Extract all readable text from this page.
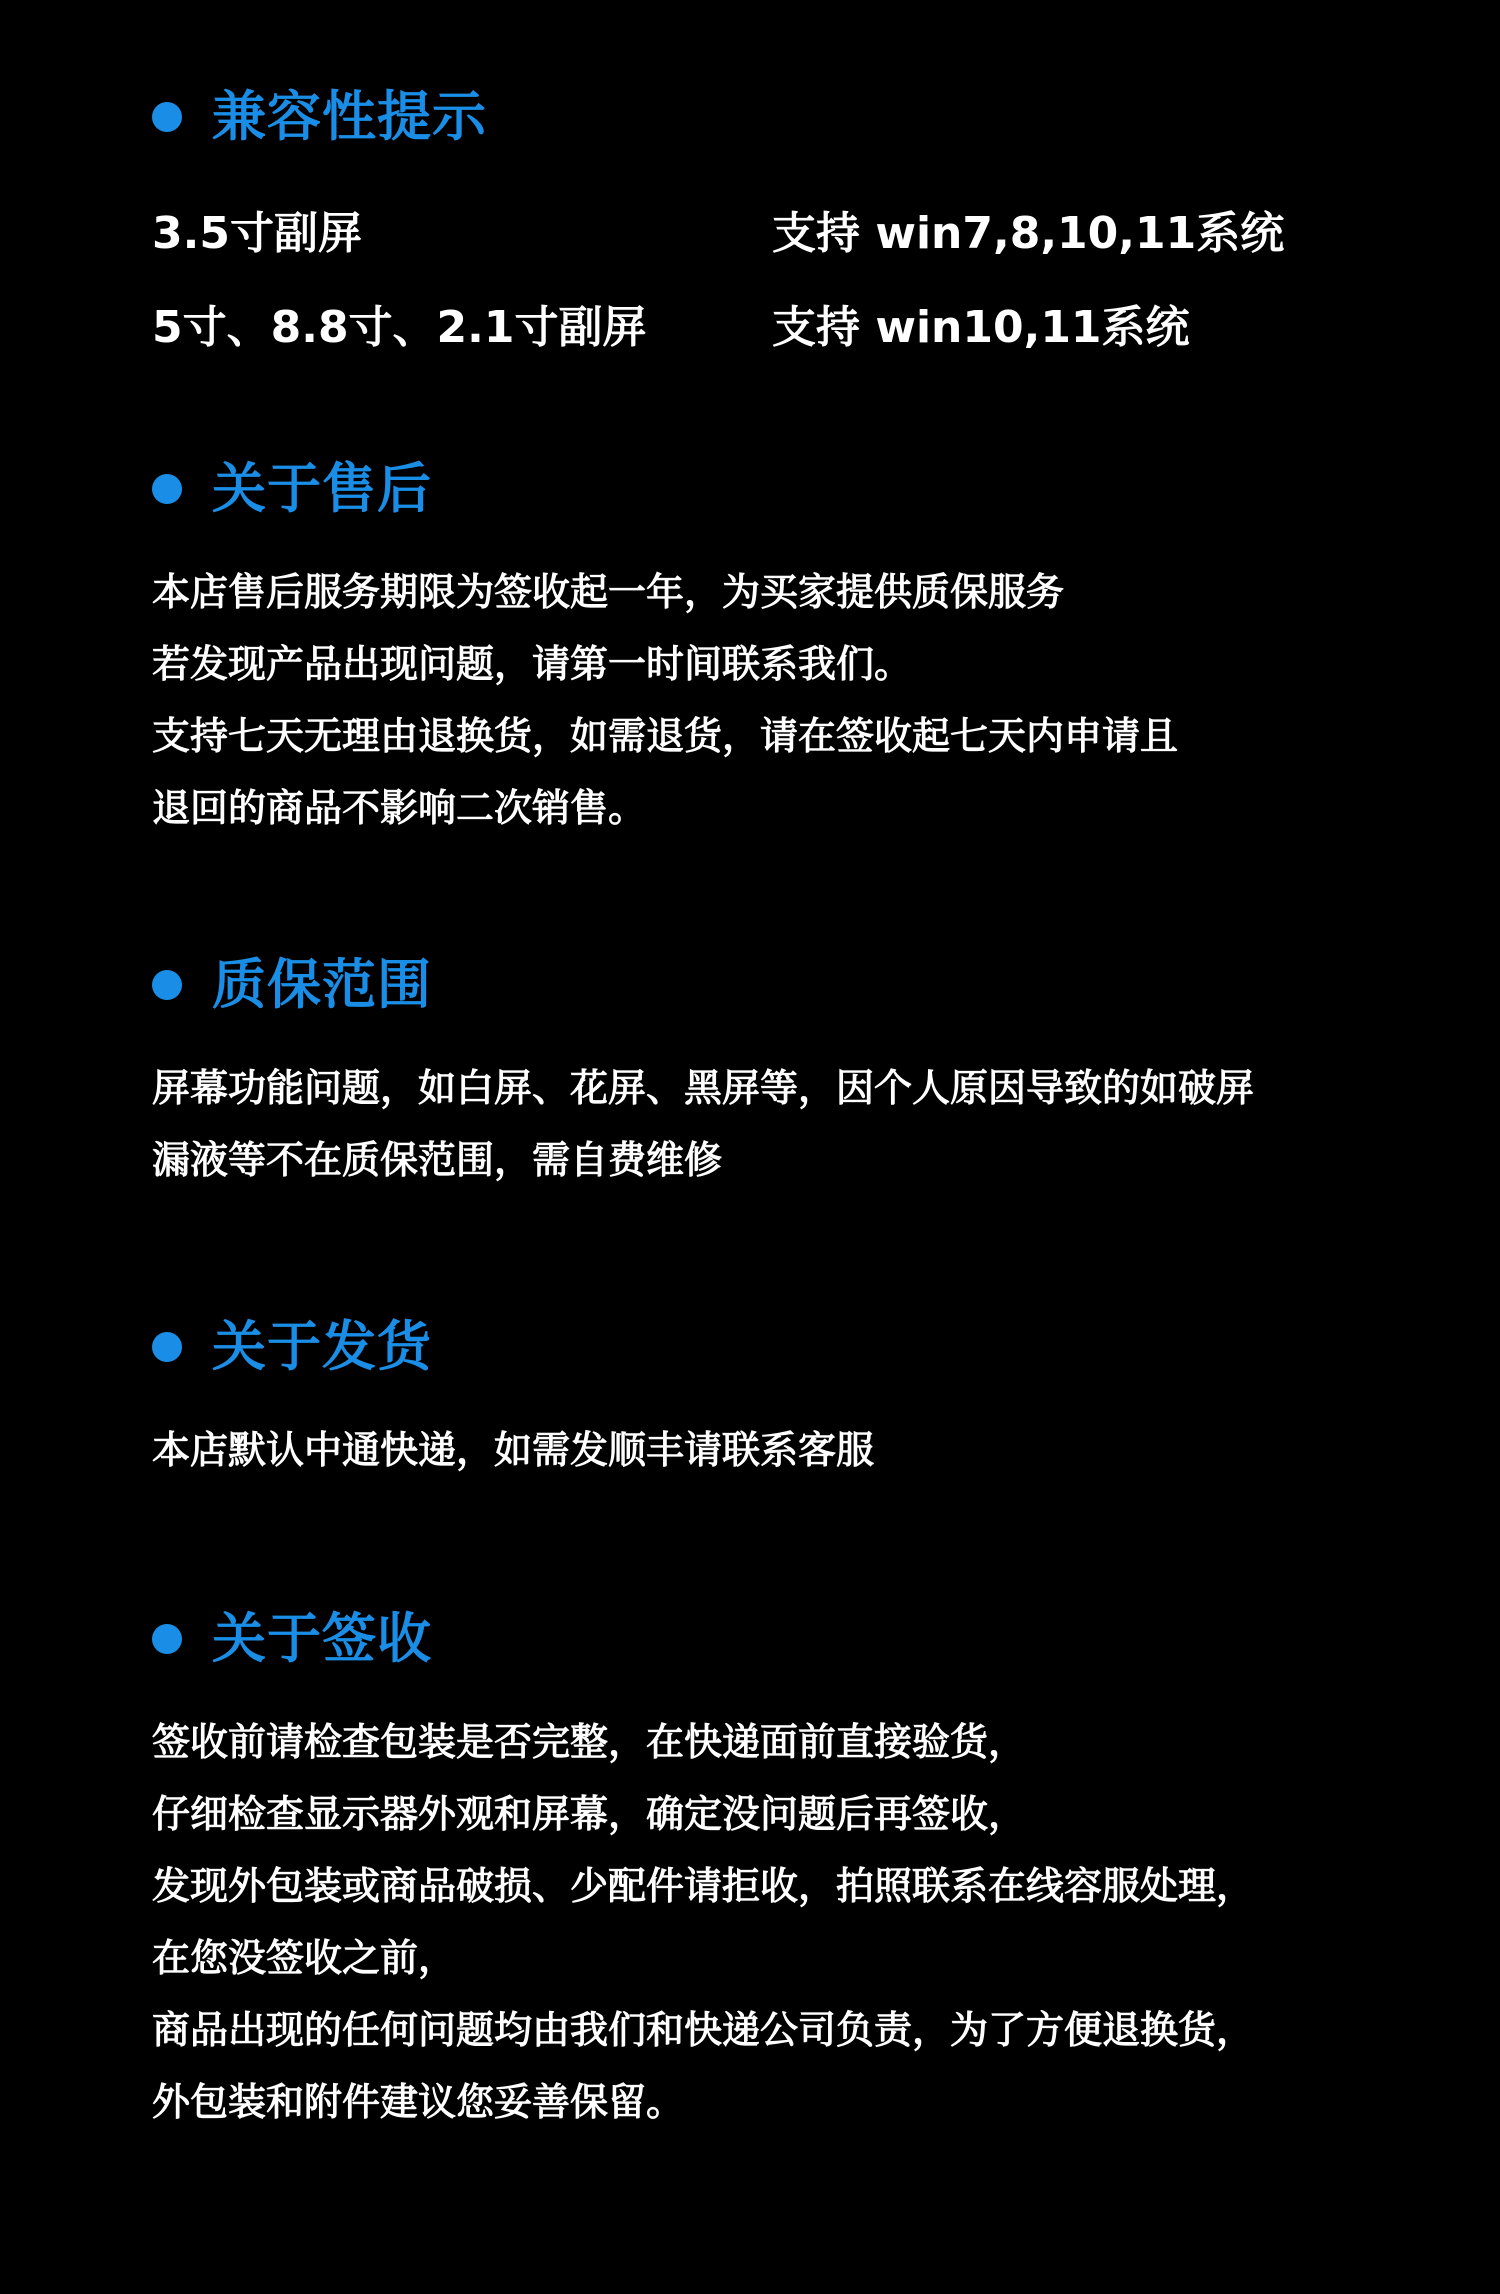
兼容性提示
3.5寸副屏	支持 win7,8,10,11系统
5寸、8.8寸、2.1寸副屏	支持 win10,11系统
关于售后
本店售后服务期限为签收起一年，为买家提供质保服务
若发现产品出现问题，请第一时间联系我们。
支持七天无理由退换货，如需退货，请在签收起七天内申请且
退回的商品不影响二次销售。
质保范围
屏幕功能问题，如白屏、花屏、黑屏等，因个人原因导致的如破屏
漏液等不在质保范围，需自费维修
关于发货
本店默认中通快递，如需发顺丰请联系客服
关于签收
签收前请检查包装是否完整，在快递面前直接验货，
仔细检查显示器外观和屏幕，确定没问题后再签收，
发现外包装或商品破损、少配件请拒收，拍照联系在线容服处理，
在您没签收之前，
商品出现的任何问题均由我们和快递公司负责，为了方便退换货，
外包装和附件建议您妥善保留。
